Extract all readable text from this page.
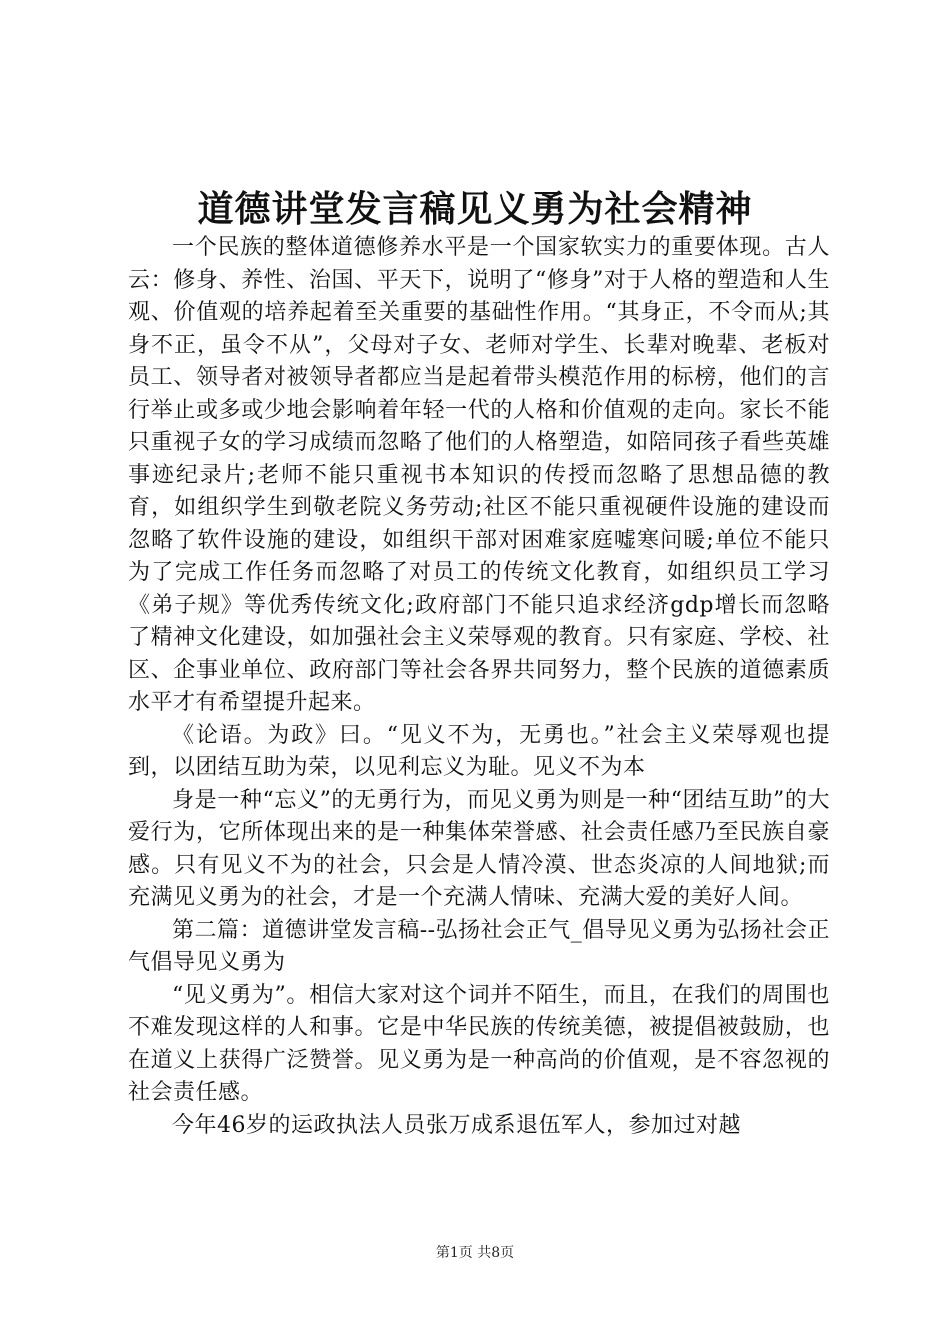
道德讲堂发言稿见义勇为社会精神

一个民族的整体道德修养水平是一个国家软实力的重要体现。古人云：修身、养性、治国、平天下，说明了“修身”对于人格的塑造和人生观、价值观的培养起着至关重要的基础性作用。“其身正，不令而从;其身不正，虽令不从”，父母对子女、老师对学生、长辈对晚辈、老板对员工、领导者对被领导者都应当是起着带头模范作用的标榜，他们的言行举止或多或少地会影响着年轻一代的人格和价值观的走向。家长不能只重视子女的学习成绩而忽略了他们的人格塑造，如陪同孩子看些英雄事迹纪录片;老师不能只重视书本知识的传授而忽略了思想品德的教育，如组织学生到敬老院义务劳动;社区不能只重视硬件设施的建设而忽略了软件设施的建设，如组织干部对困难家庭嘘寒问暖;单位不能只为了完成工作任务而忽略了对员工的传统文化教育，如组织员工学习《弟子规》等优秀传统文化;政府部门不能只追求经济gdp增长而忽略了精神文化建设，如加强社会主义荣辱观的教育。只有家庭、学校、社区、企事业单位、政府部门等社会各界共同努力，整个民族的道德素质水平才有希望提升起来。

《论语。为政》曰。“见义不为，无勇也。”社会主义荣辱观也提到，以团结互助为荣，以见利忘义为耻。见义不为本

身是一种“忘义”的无勇行为，而见义勇为则是一种“团结互助”的大爱行为，它所体现出来的是一种集体荣誉感、社会责任感乃至民族自豪感。只有见义不为的社会，只会是人情冷漠、世态炎凉的人间地狱;而充满见义勇为的社会，才是一个充满人情味、充满大爱的美好人间。

第二篇：道德讲堂发言稿--弘扬社会正气_倡导见义勇为弘扬社会正气倡导见义勇为

“见义勇为”。相信大家对这个词并不陌生，而且，在我们的周围也不难发现这样的人和事。它是中华民族的传统美德，被提倡被鼓励，也在道义上获得广泛赞誉。见义勇为是一种高尚的价值观，是不容忽视的社会责任感。

今年46岁的运政执法人员张万成系退伍军人，参加过对越

第1页 共8页
